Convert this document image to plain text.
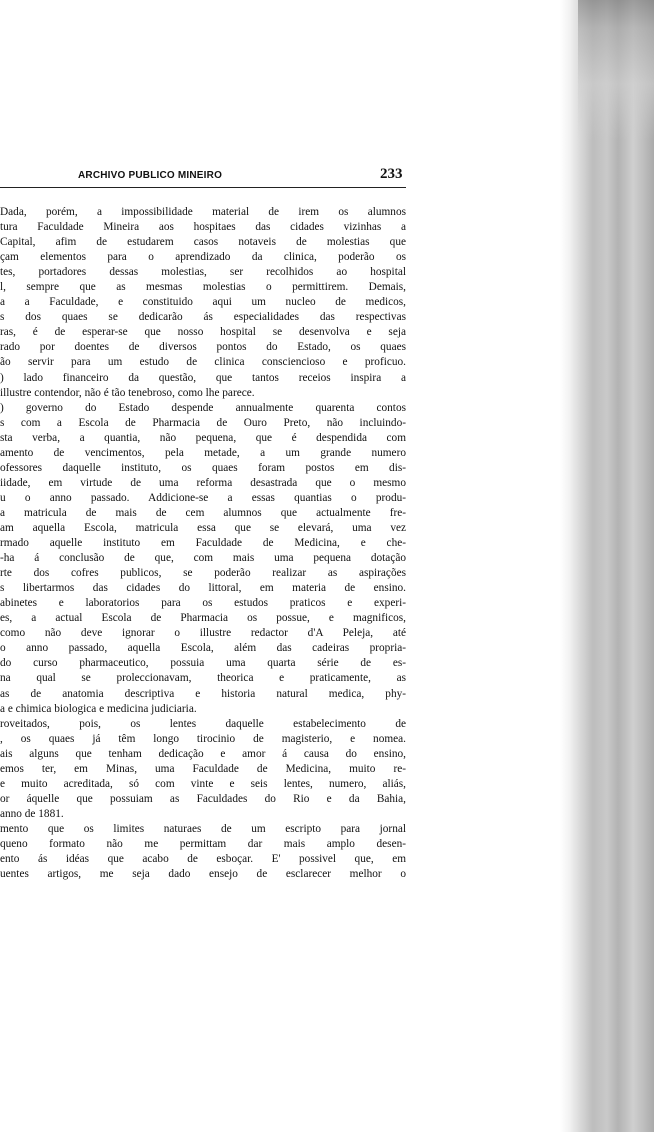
ARCHIVO PUBLICO MINEIRO	233
Dada, porém, a impossibilidade material de irem os alumnos
tura Faculdade Mineira aos hospitaes das cidades vizinhas a
Capital, afim de estudarem casos notaveis de molestias que
çam elementos para o aprendizado da clinica, poderão os
tes, portadores dessas molestias, ser recolhidos ao hospital
l, sempre que as mesmas molestias o permittirem. Demais,
a a Faculdade, e constituido aqui um nucleo de medicos,
s dos quaes se dedicarão ás especialidades das respectivas
ras, é de esperar-se que nosso hospital se desenvolva e seja
rado por doentes de diversos pontos do Estado, os quaes
ão servir para um estudo de clinica consciencioso e proficuo.
) lado financeiro da questão, que tantos receios inspira a
illustre contendor, não é tão tenebroso, como lhe parece.
) governo do Estado despende annualmente quarenta contos
s com a Escola de Pharmacia de Ouro Preto, não incluindo-
sta verba, a quantia, não pequena, que é despendida com
amento de vencimentos, pela metade, a um grande numero
ofessores daquelle instituto, os quaes foram postos em dis-
iidade, em virtude de uma reforma desastrada que o mesmo
u o anno passado. Addicione-se a essas quantias o produ-
a matricula de mais de cem alumnos que actualmente fre-
am aquella Escola, matricula essa que se elevará, uma vez
rmado aquelle instituto em Faculdade de Medicina, e che-
-ha á conclusão de que, com mais uma pequena dotação
rte dos cofres publicos, se poderão realizar as aspirações
s libertarmos das cidades do littoral, em materia de ensino.
abinetes e laboratorios para os estudos praticos e experi-
es, a actual Escola de Pharmacia os possue, e magnificos,
como não deve ignorar o illustre redactor d'A Peleja, até
o anno passado, aquella Escola, além das cadeiras propria-
do curso pharmaceutico, possuia uma quarta série de es-
na qual se proleccionavam, theorica e praticamente, as
as de anatomia descriptiva e historia natural medica, phy-
a e chimica biologica e medicina judiciaria.
roveitados, pois, os lentes daquelle estabelecimento de
, os quaes já têm longo tirocinio de magisterio, e nomea.
ais alguns que tenham dedicação e amor á causa do ensino,
emos ter, em Minas, uma Faculdade de Medicina, muito re-
e muito acreditada, só com vinte e seis lentes, numero, aliás,
or áquelle que possuiam as Faculdades do Rio e da Bahia,
anno de 1881.
mento que os limites naturaes de um escripto para jornal
queno formato não me permittam dar mais amplo desen-
ento ás idéas que acabo de esboçar. E' possivel que, em
uentes artigos, me seja dado ensejo de esclarecer melhor o
